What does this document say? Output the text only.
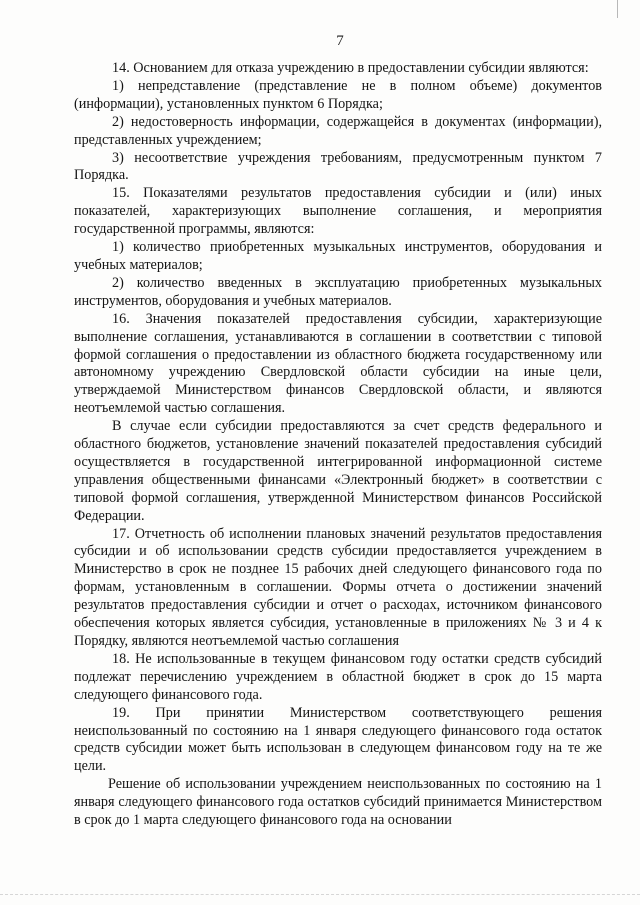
7

14. Основанием для отказа учреждению в предоставлении субсидии являются:

1) непредставление (представление не в полном объеме) документов (информации), установленных пунктом 6 Порядка;

2) недостоверность информации, содержащейся в документах (информации), представленных учреждением;

3) несоответствие учреждения требованиям, предусмотренным пунктом 7 Порядка.

15. Показателями результатов предоставления субсидии и (или) иных показателей, характеризующих выполнение соглашения, и мероприятия государственной программы, являются:

1) количество приобретенных музыкальных инструментов, оборудования и учебных материалов;

2) количество введенных в эксплуатацию приобретенных музыкальных инструментов, оборудования и учебных материалов.

16. Значения показателей предоставления субсидии, характеризующие выполнение соглашения, устанавливаются в соглашении в соответствии с типовой формой соглашения о предоставлении из областного бюджета государственному или автономному учреждению Свердловской области субсидии на иные цели, утверждаемой Министерством финансов Свердловской области, и являются неотъемлемой частью соглашения.

В случае если субсидии предоставляются за счет средств федерального и областного бюджетов, установление значений показателей предоставления субсидий осуществляется в государственной интегрированной информационной системе управления общественными финансами «Электронный бюджет» в соответствии с типовой формой соглашения, утвержденной Министерством финансов Российской Федерации.

17. Отчетность об исполнении плановых значений результатов предоставления субсидии и об использовании средств субсидии предоставляется учреждением в Министерство в срок не позднее 15 рабочих дней следующего финансового года по формам, установленным в соглашении. Формы отчета о достижении значений результатов предоставления субсидии и отчет о расходах, источником финансового обеспечения которых является субсидия, установленные в приложениях № 3 и 4 к Порядку, являются неотъемлемой частью соглашения

18. Не использованные в текущем финансовом году остатки средств субсидий подлежат перечислению учреждением в областной бюджет в срок до 15 марта следующего финансового года.

19. При принятии Министерством соответствующего решения неиспользованный по состоянию на 1 января следующего финансового года остаток средств субсидии может быть использован в следующем финансовом году на те же цели.

Решение об использовании учреждением неиспользованных по состоянию на 1 января следующего финансового года остатков субсидий принимается Министерством в срок до 1 марта следующего финансового года на основании
